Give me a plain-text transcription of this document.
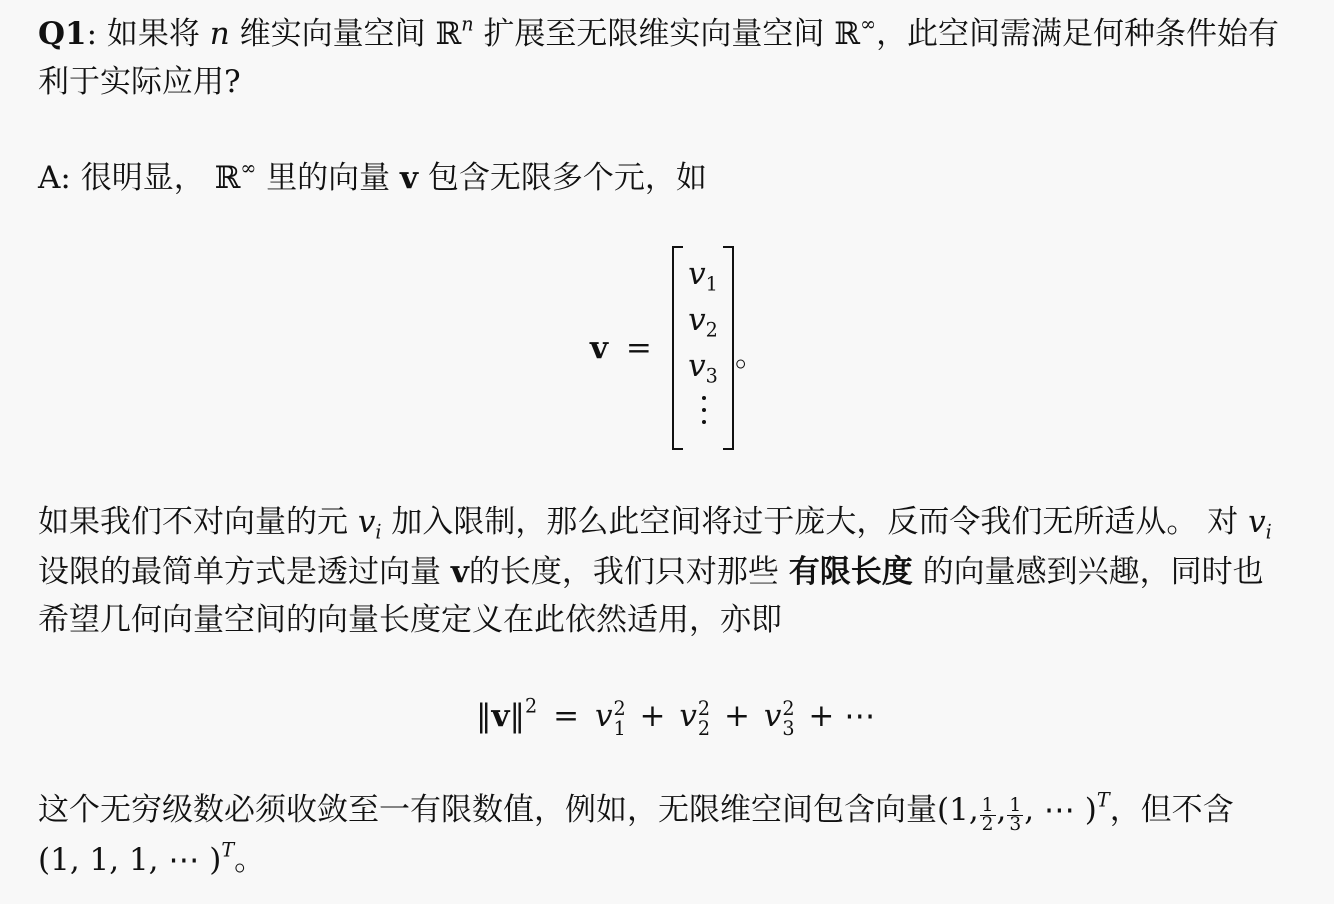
Q1: 如果将 n 维实向量空间 ℝ$^n$ 扩展至无限维实向量空间 ℝ∞，此空间需满足何种条件始有
利于实际应用?
A: 很明显， ℝ∞ 里的向量 v 包含无限多个元，如
v =
$v_1$
$v_2$
$v_3$
。
如果我们不对向量的元 $v_i$ 加入限制，那么此空间将过于庞大，反而令我们无所适从。 对 $v_i$
设限的最简单方式是透过向量 v的长度，我们只对那些 有限长度 的向量感到兴趣，同时也
希望几何向量空间的向量长度定义在此依然适用，亦即
‖v‖$^2$ = v 2
1 + v 2
2 + v 2
3 + ⋯
这个无穷级数必须收敛至一有限数值，例如，无限维空间包含向量(1, $\frac{1}{2}$ , $\frac{1}{3}$ , ⋯ )$^T$，但不含
(1, 1, 1, ⋯ )$^T$。
